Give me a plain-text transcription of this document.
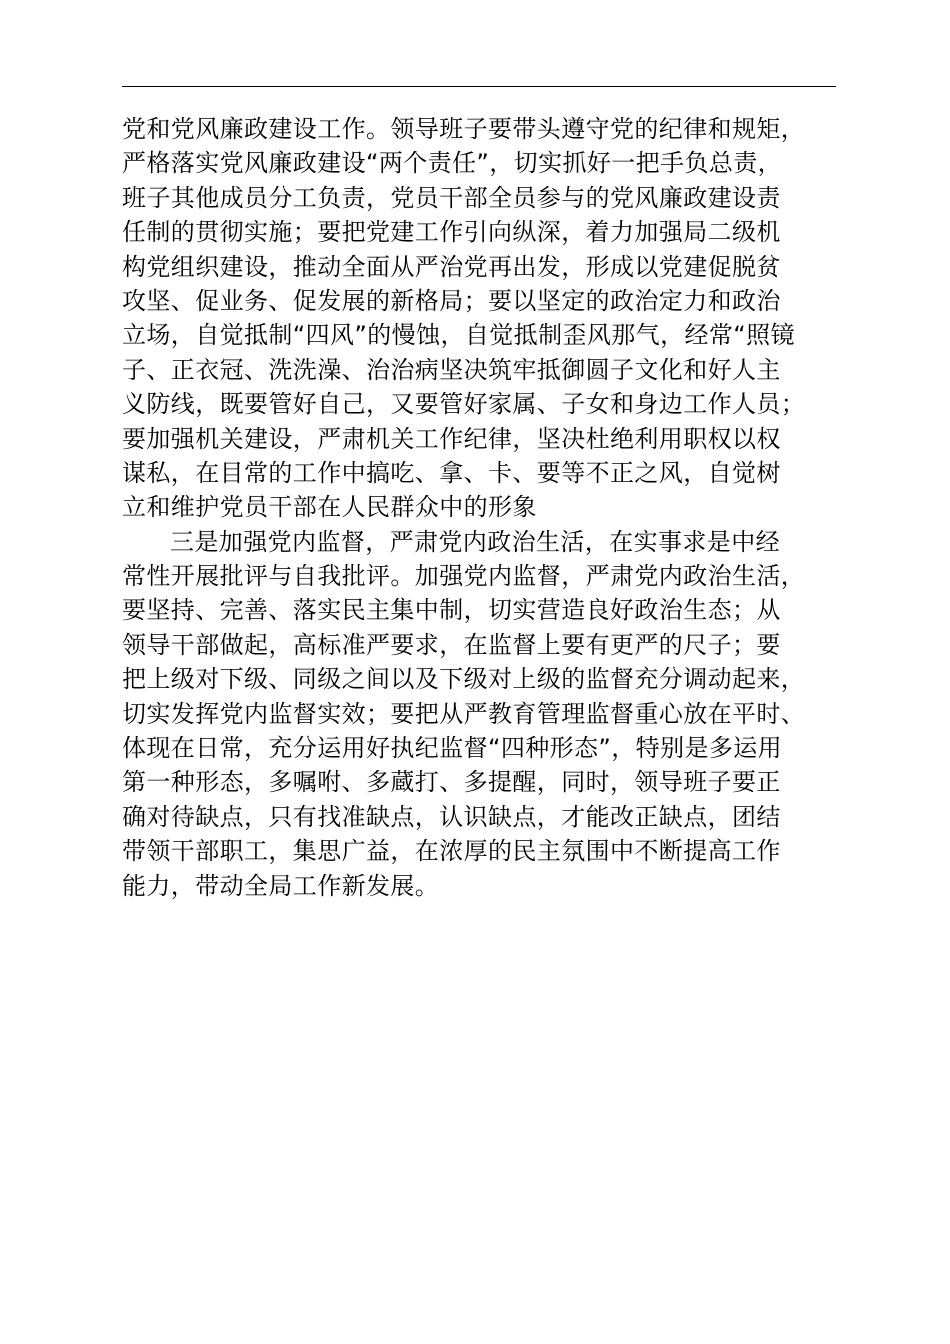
党和党风廉政建设工作。领导班子要带头遵守党的纪律和规矩，
严格落实党风廉政建设“两个责任”，切实抓好一把手负总责，
班子其他成员分工负责，党员干部全员参与的党风廉政建设责
任制的贯彻实施；要把党建工作引向纵深，着力加强局二级机
构党组织建设，推动全面从严治党再出发，形成以党建促脱贫
攻坚、促业务、促发展的新格局；要以坚定的政治定力和政治
立场，自觉抵制“四风”的慢蚀，自觉抵制歪风那气，经常“照镜
子、正衣冠、洗洗澡、治治病坚决筑牢抵御圆子文化和好人主
义防线，既要管好自己，又要管好家属、子女和身边工作人员；
要加强机关建设，严肃机关工作纪律，坚决杜绝利用职权以权
谋私，在目常的工作中搞吃、拿、卡、要等不正之风，自觉树
立和维护党员干部在人民群众中的形象
三是加强党内监督，严肃党内政治生活，在实事求是中经
常性开展批评与自我批评。加强党内监督，严肃党内政治生活，
要坚持、完善、落实民主集中制，切实营造良好政治生态；从
领导干部做起，高标准严要求，在监督上要有更严的尺子；要
把上级对下级、同级之间以及下级对上级的监督充分调动起来，
切实发挥党内监督实效；要把从严教育管理监督重心放在平时、
体现在日常，充分运用好执纪监督“四种形态”，特别是多运用
第一种形态，多嘱咐、多蔵打、多提醒，同时，领导班子要正
确对待缺点，只有找准缺点，认识缺点，才能改正缺点，团结
带领干部职工，集思广益，在浓厚的民主氛围中不断提高工作
能力，带动全局工作新发展。
